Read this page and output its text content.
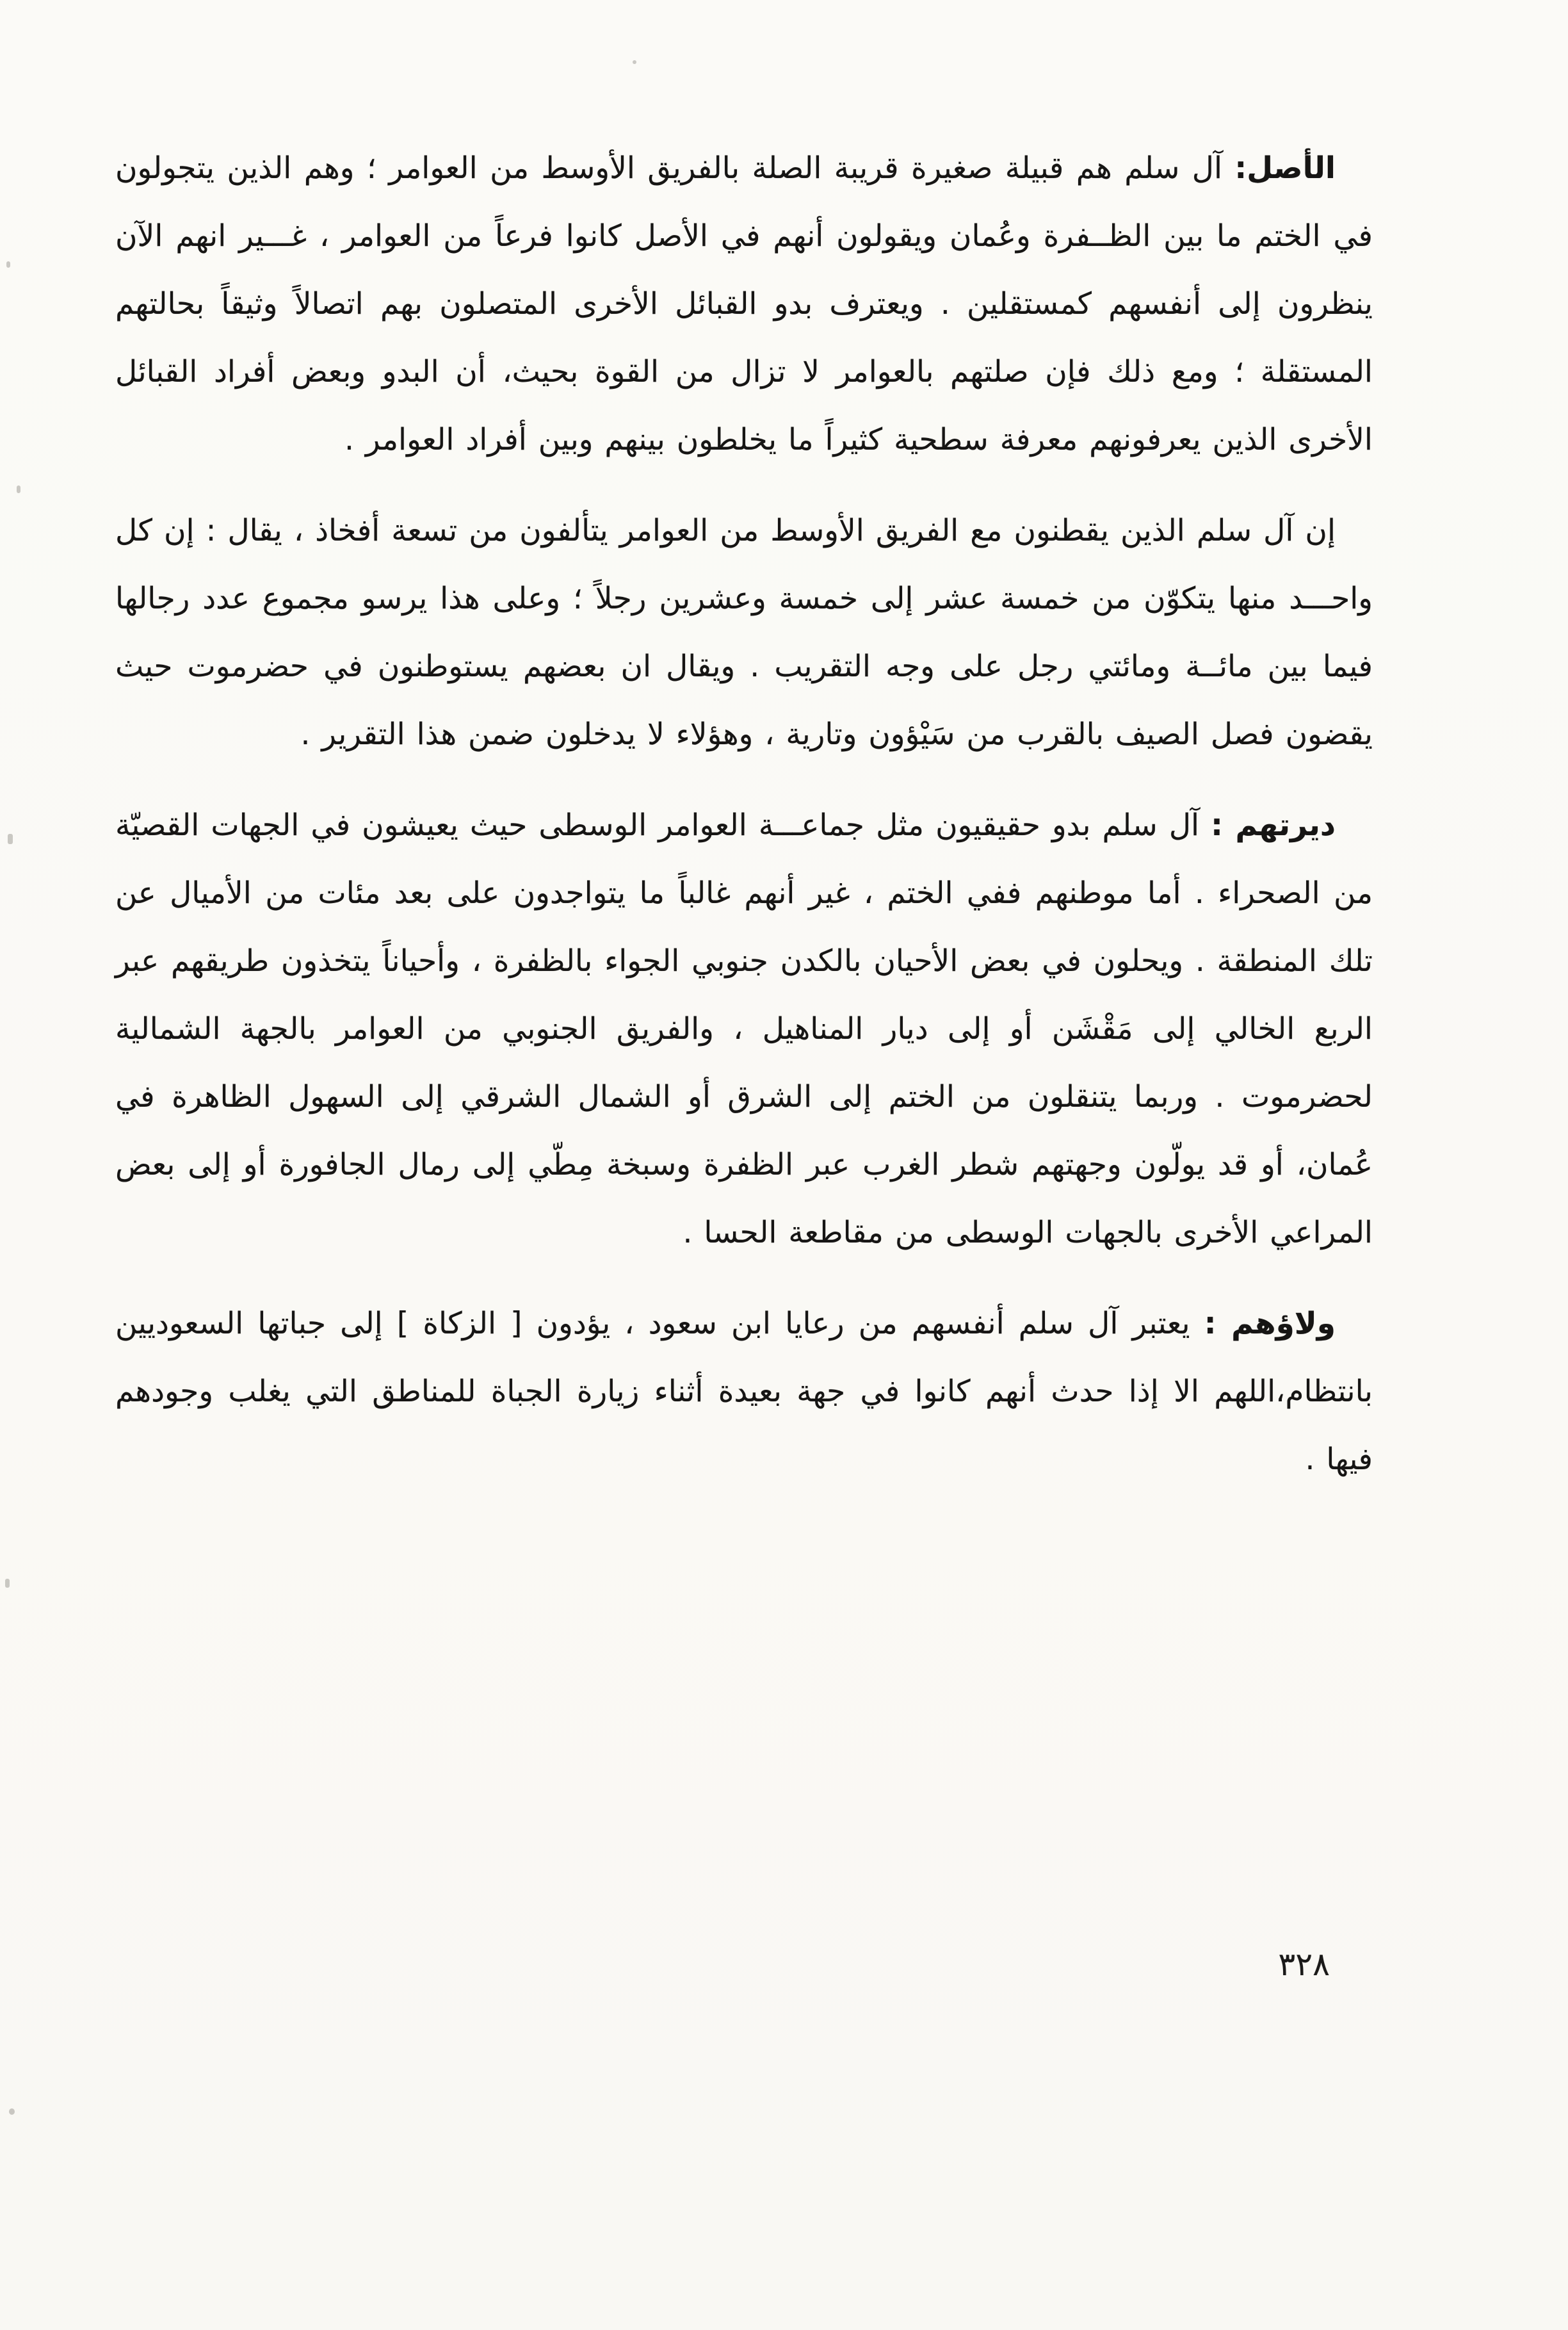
الأصل: آل سلم هم قبيلة صغيرة قريبة الصلة بالفريق الأوسط من العوامر ؛ وهم الذين يتجولون في الختم ما بين الظــفرة وعُمان ويقولون أنهم في الأصل كانوا فرعاً من العوامر ، غـــير انهم الآن ينظرون إلى أنفسهم كمستقلين . ويعترف بدو القبائل الأخرى المتصلون بهم اتصالاً وثيقاً بحالتهم المستقلة ؛ ومع ذلك فإن صلتهم بالعوامر لا تزال من القوة بحيث، أن البدو وبعض أفراد القبائل الأخرى الذين يعرفونهم معرفة سطحية كثيراً ما يخلطون بينهم وبين أفراد العوامر .

إن آل سلم الذين يقطنون مع الفريق الأوسط من العوامر يتألفون من تسعة أفخاذ ، يقال : إن كل واحـــد منها يتكوّن من خمسة عشر إلى خمسة وعشرين رجلاً ؛ وعلى هذا يرسو مجموع عدد رجالها فيما بين مائــة ومائتي رجل على وجه التقريب . ويقال ان بعضهم يستوطنون في حضرموت حيث يقضون فصل الصيف بالقرب من سَيْؤون وتارية ، وهؤلاء لا يدخلون ضمن هذا التقرير .

ديرتهم : آل سلم بدو حقيقيون مثل جماعـــة العوامر الوسطى حيث يعيشون في الجهات القصيّة من الصحراء . أما موطنهم ففي الختم ، غير أنهم غالباً ما يتواجدون على بعد مئات من الأميال عن تلك المنطقة . ويحلون في بعض الأحيان بالكدن جنوبي الجواء بالظفرة ، وأحياناً يتخذون طريقهم عبر الربع الخالي إلى مَقْشَن أو إلى ديار المناهيل ، والفريق الجنوبي من العوامر بالجهة الشمالية لحضرموت . وربما يتنقلون من الختم إلى الشرق أو الشمال الشرقي إلى السهول الظاهرة في عُمان، أو قد يولّون وجهتهم شطر الغرب عبر الظفرة وسبخة مِطّي إلى رمال الجافورة أو إلى بعض المراعي الأخرى بالجهات الوسطى من مقاطعة الحسا .

ولاؤهم : يعتبر آل سلم أنفسهم من رعايا ابن سعود ، يؤدون [ الزكاة ] إلى جباتها السعوديين بانتظام،اللهم الا إذا حدث أنهم كانوا في جهة بعيدة أثناء زيارة الجباة للمناطق التي يغلب وجودهم فيها .

٣٢٨
